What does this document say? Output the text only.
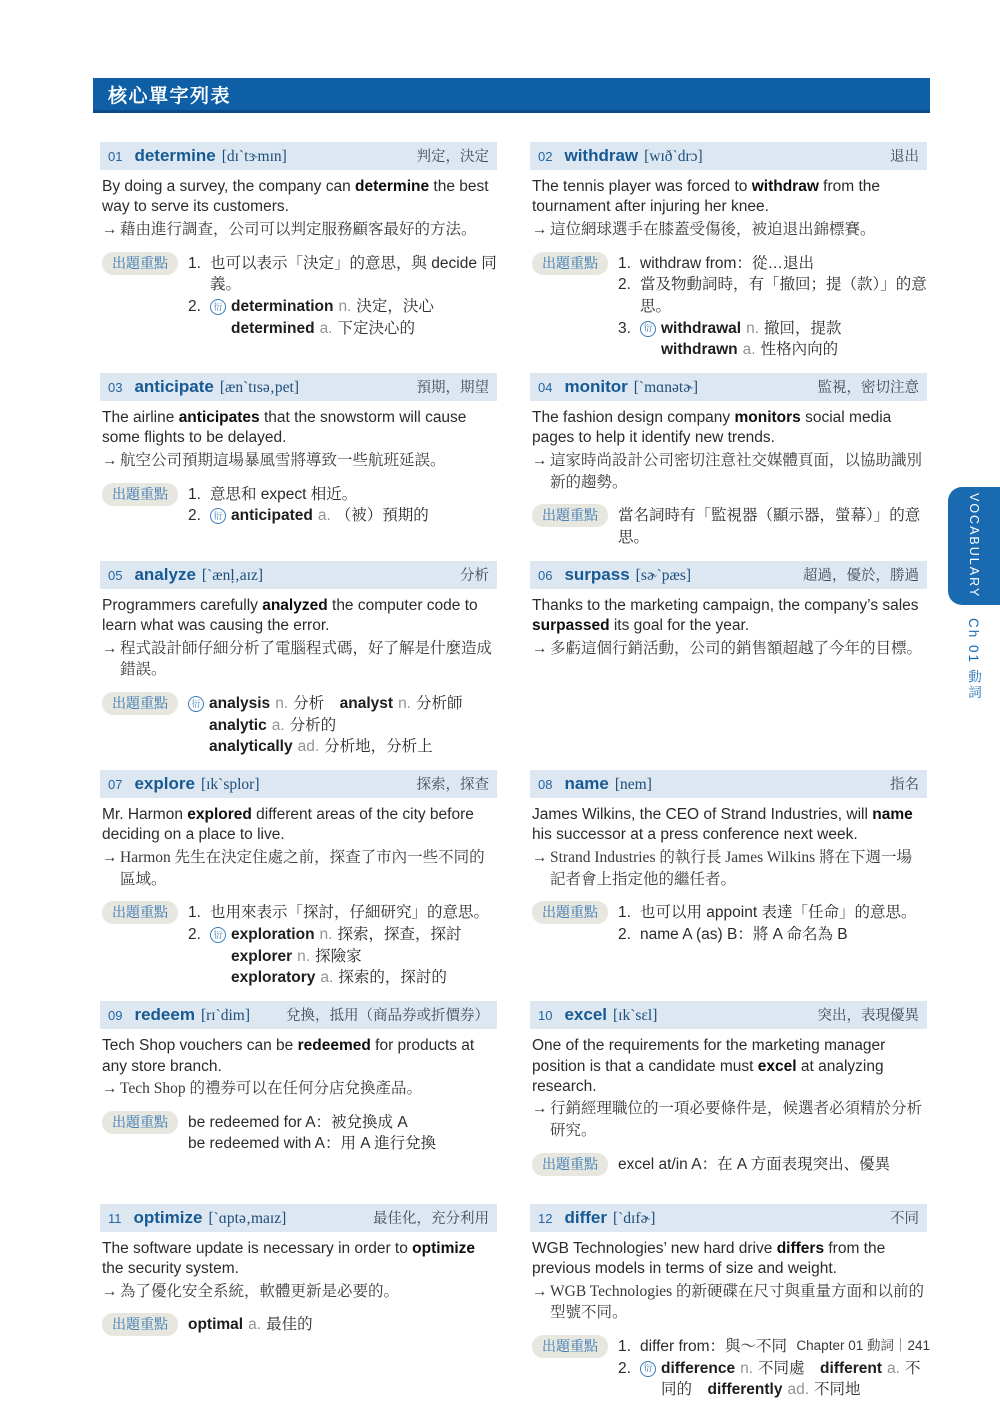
核心單字列表
01 determine [dɪˋtɝmɪn]	判定，決定
By doing a survey, the company can determine the best way to serve its customers.
→ 藉由進行調查，公司可以判定服務顧客最好的方法。
出題重點	1. 也可以表示「決定」的意思，與 decide 同義。
2.	衍 determination n. 決定，決心
determined a. 下定決心的
02 withdraw [wɪðˋdrɔ]	退出
The tennis player was forced to withdraw from the tournament after injuring her knee.
→ 這位網球選手在膝蓋受傷後，被迫退出錦標賽。
出題重點	1. withdraw from：從…退出
2. 當及物動詞時，有「撤回；提（款）」的意思。
3.	衍 withdrawal n. 撤回，提款
withdrawn a. 性格內向的
03 anticipate [ænˋtɪsə‚pet]	預期，期望
The airline anticipates that the snowstorm will cause some flights to be delayed.
→ 航空公司預期這場暴風雪將導致一些航班延誤。
出題重點	1. 意思和 expect 相近。
2.	衍 anticipated a. （被）預期的
04 monitor [ˋmɑnətɚ]	監視，密切注意
The fashion design company monitors social media pages to help it identify new trends.
→ 這家時尚設計公司密切注意社交媒體頁面，以協助識別新的趨勢。
出題重點	當名詞時有「監視器（顯示器，螢幕）」的意思。
05 analyze [ˋænḷ‚aɪz]	分析
Programmers carefully analyzed the computer code to learn what was causing the error.
→ 程式設計師仔細分析了電腦程式碼，好了解是什麼造成錯誤。
出題重點	衍 analysis n. 分析　analyst n. 分析師
analytic a. 分析的
analytically ad. 分析地，分析上
06 surpass [sɚˋpæs]	超過，優於，勝過
Thanks to the marketing campaign, the company’s sales surpassed its goal for the year.
→ 多虧這個行銷活動，公司的銷售額超越了今年的目標。
07 explore [ɪkˋsplor]	探索，探查
Mr. Harmon explored different areas of the city before deciding on a place to live.
→ Harmon 先生在決定住處之前，探查了市內一些不同的區域。
出題重點	1. 也用來表示「探討，仔細研究」的意思。
2.	衍 exploration n. 探索，探查，探討
explorer n. 探險家
exploratory a. 探索的，探討的
08 name [nem]	指名
James Wilkins, the CEO of Strand Industries, will name his successor at a press conference next week.
→ Strand Industries 的執行長 James Wilkins 將在下週一場記者會上指定他的繼任者。
出題重點	1. 也可以用 appoint 表達「任命」的意思。
2. name A (as) B：將 A 命名為 B
09 redeem [rɪˋdim] 兌換，抵用（商品券或折價券）
Tech Shop vouchers can be redeemed for products at any store branch.
→ Tech Shop 的禮券可以在任何分店兌換產品。
出題重點	be redeemed for A：被兌換成 A
be redeemed with A：用 A 進行兌換
10 excel [ɪkˋsɛl]	突出，表現優異
One of the requirements for the marketing manager position is that a candidate must excel at analyzing research.
→ 行銷經理職位的一項必要條件是，候選者必須精於分析研究。
出題重點	excel at/in A：在 A 方面表現突出、優異
11 optimize [ˋɑptə‚maɪz]	最佳化，充分利用
The software update is necessary in order to optimize the security system.
→ 為了優化安全系統，軟體更新是必要的。
出題重點	optimal a. 最佳的
12 differ [ˋdɪfɚ]	不同
WGB Technologies’ new hard drive differs from the previous models in terms of size and weight.
→ WGB Technologies 的新硬碟在尺寸與重量方面和以前的型號不同。
出題重點	1. differ from：與～不同
2.	衍 difference n. 不同處　different a. 不同的　differently ad. 不同地
VOCABULARY
Ch 01 動詞
Chapter 01 動詞｜241
